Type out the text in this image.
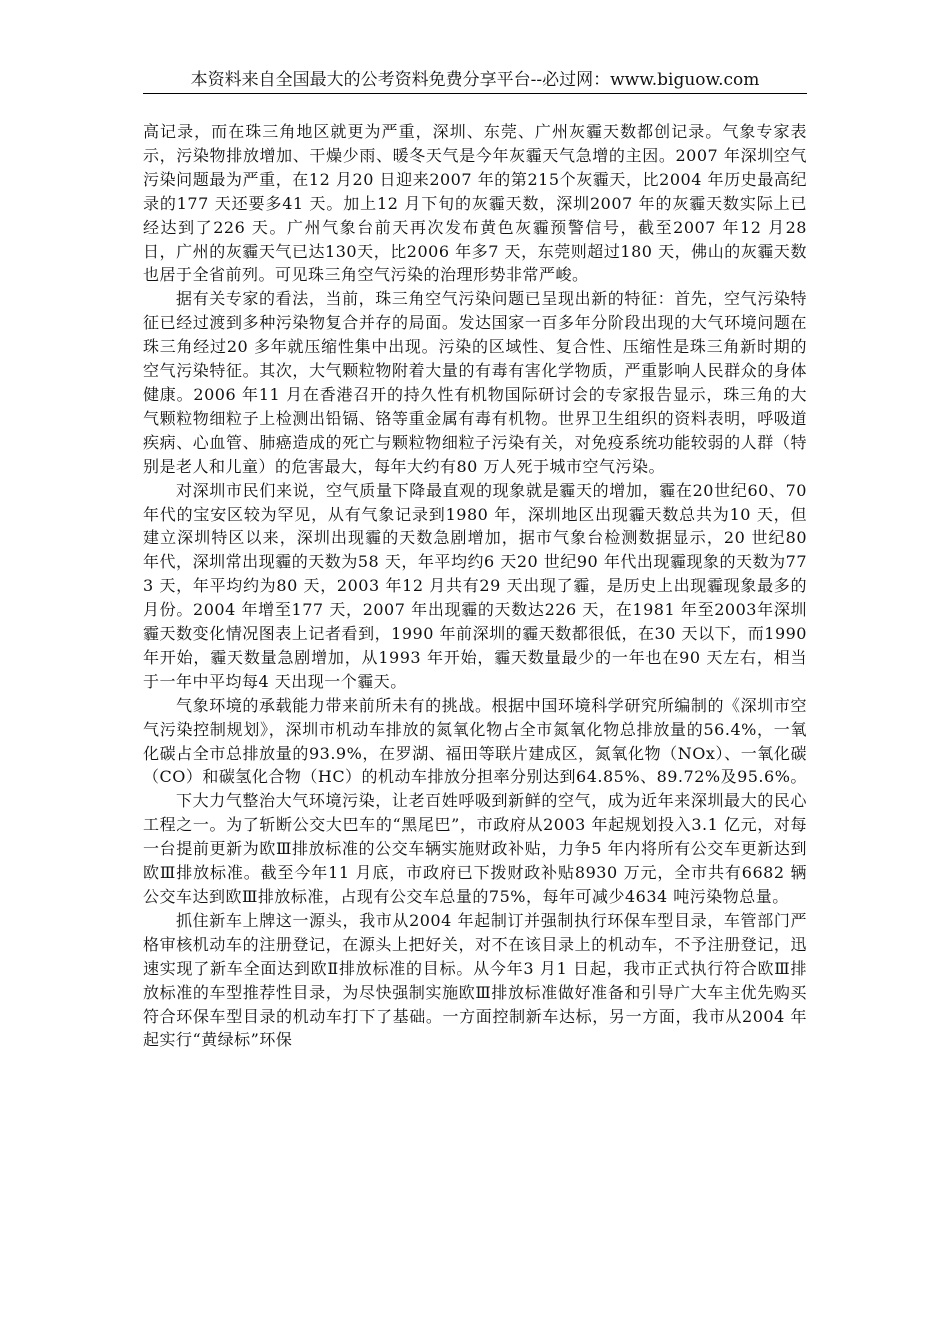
本资料来自全国最大的公考资料免费分享平台--必过网：www.biguow.com

高记录，而在珠三角地区就更为严重，深圳、东莞、广州灰霾天数都创记录。气象专家表示，污染物排放增加、干燥少雨、暖冬天气是今年灰霾天气急增的主因。2007 年深圳空气污染问题最为严重，在12 月20 日迎来2007 年的第215个灰霾天，比2004 年历史最高纪录的177 天还要多41 天。加上12 月下旬的灰霾天数，深圳2007 年的灰霾天数实际上已经达到了226 天。广州气象台前天再次发布黄色灰霾预警信号，截至2007 年12 月28 日，广州的灰霾天气已达130天，比2006 年多7 天，东莞则超过180 天，佛山的灰霾天数也居于全省前列。可见珠三角空气污染的治理形势非常严峻。

据有关专家的看法，当前，珠三角空气污染问题已呈现出新的特征：首先，空气污染特征已经过渡到多种污染物复合并存的局面。发达国家一百多年分阶段出现的大气环境问题在珠三角经过20 多年就压缩性集中出现。污染的区域性、复合性、压缩性是珠三角新时期的空气污染特征。其次，大气颗粒物附着大量的有毒有害化学物质，严重影响人民群众的身体健康。2006 年11 月在香港召开的持久性有机物国际研讨会的专家报告显示，珠三角的大气颗粒物细粒子上检测出铅镉、铬等重金属有毒有机物。世界卫生组织的资料表明，呼吸道疾病、心血管、肺癌造成的死亡与颗粒物细粒子污染有关，对免疫系统功能较弱的人群（特别是老人和儿童）的危害最大，每年大约有80 万人死于城市空气污染。

对深圳市民们来说，空气质量下降最直观的现象就是霾天的增加，霾在20世纪60、70 年代的宝安区较为罕见，从有气象记录到1980 年，深圳地区出现霾天数总共为10 天，但建立深圳特区以来，深圳出现霾的天数急剧增加，据市气象台检测数据显示，20 世纪80 年代，深圳常出现霾的天数为58 天，年平均约6 天20 世纪90 年代出现霾现象的天数为773 天，年平均约为80 天，2003 年12 月共有29 天出现了霾，是历史上出现霾现象最多的月份。2004 年增至177 天，2007 年出现霾的天数达226 天，在1981 年至2003年深圳霾天数变化情况图表上记者看到，1990 年前深圳的霾天数都很低，在30 天以下，而1990 年开始，霾天数量急剧增加，从1993 年开始，霾天数量最少的一年也在90 天左右，相当于一年中平均每4 天出现一个霾天。

气象环境的承载能力带来前所未有的挑战。根据中国环境科学研究所编制的《深圳市空气污染控制规划》，深圳市机动车排放的氮氧化物占全市氮氧化物总排放量的56.4%，一氧化碳占全市总排放量的93.9%，在罗湖、福田等联片建成区，氮氧化物（NOx）、一氧化碳（CO）和碳氢化合物（HC）的机动车排放分担率分别达到64.85%、89.72%及95.6%。

下大力气整治大气环境污染，让老百姓呼吸到新鲜的空气，成为近年来深圳最大的民心工程之一。为了斩断公交大巴车的“黑尾巴”，市政府从2003 年起规划投入3.1 亿元，对每一台提前更新为欧Ⅲ排放标准的公交车辆实施财政补贴，力争5 年内将所有公交车更新达到欧Ⅲ排放标准。截至今年11 月底，市政府已下拨财政补贴8930 万元，全市共有6682 辆公交车达到欧Ⅲ排放标准，占现有公交车总量的75%，每年可减少4634 吨污染物总量。

抓住新车上牌这一源头，我市从2004 年起制订并强制执行环保车型目录，车管部门严格审核机动车的注册登记，在源头上把好关，对不在该目录上的机动车，不予注册登记，迅速实现了新车全面达到欧Ⅱ排放标准的目标。从今年3 月1 日起，我市正式执行符合欧Ⅲ排放标准的车型推荐性目录，为尽快强制实施欧Ⅲ排放标准做好准备和引导广大车主优先购买符合环保车型目录的机动车打下了基础。一方面控制新车达标，另一方面，我市从2004 年起实行“黄绿标”环保
